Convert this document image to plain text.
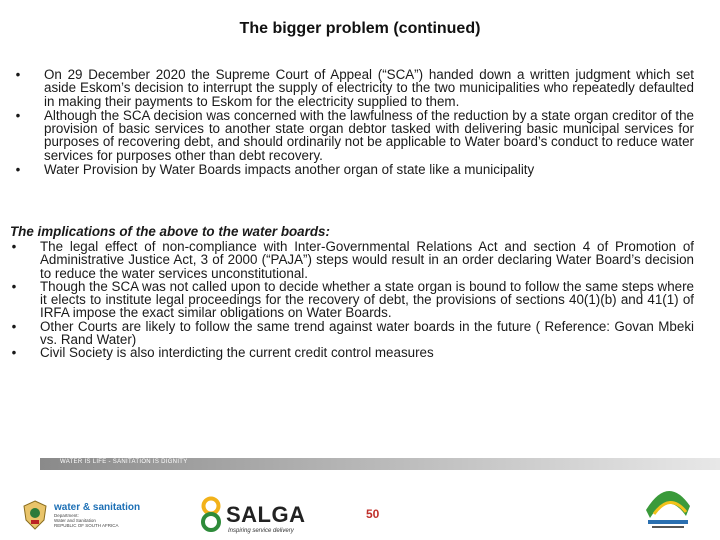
The bigger problem (continued)
• On 29 December 2020 the Supreme Court of Appeal (“SCA”) handed down a written judgment which set aside Eskom’s decision to interrupt the supply of electricity to the two municipalities who repeatedly defaulted in making their payments to Eskom for the electricity supplied to them.
• Although the SCA decision was concerned with the lawfulness of the reduction by a state organ creditor of the provision of basic services to another state organ debtor tasked with delivering basic municipal services for purposes of recovering debt, and should ordinarily not be applicable to Water board’s conduct to reduce water services for purposes other than debt recovery.
• Water Provision by Water Boards impacts another organ of state like a municipality
The implications of the above to the water boards:
• The legal effect of non-compliance with Inter-Governmental Relations Act and section 4 of Promotion of Administrative Justice Act, 3 of 2000 (“PAJA”) steps would result in an order declaring Water Board’s decision to reduce the water services unconstitutional.
• Though the SCA was not called upon to decide whether a state organ is bound to follow the same steps where it elects to institute legal proceedings for the recovery of debt, the provisions of sections 40(1)(b) and 41(1) of IRFA impose the exact similar obligations on Water Boards.
• Other Courts are likely to follow the same trend against water boards in the future ( Reference: Govan Mbeki vs. Rand Water)
• Civil Society is also interdicting the current credit control measures
WATER IS LIFE - SANITATION IS DIGNITY
water & sanitation
Department:
Water and Sanitation
REPUBLIC OF SOUTH AFRICA	SALGA
Inspiring service delivery
50
